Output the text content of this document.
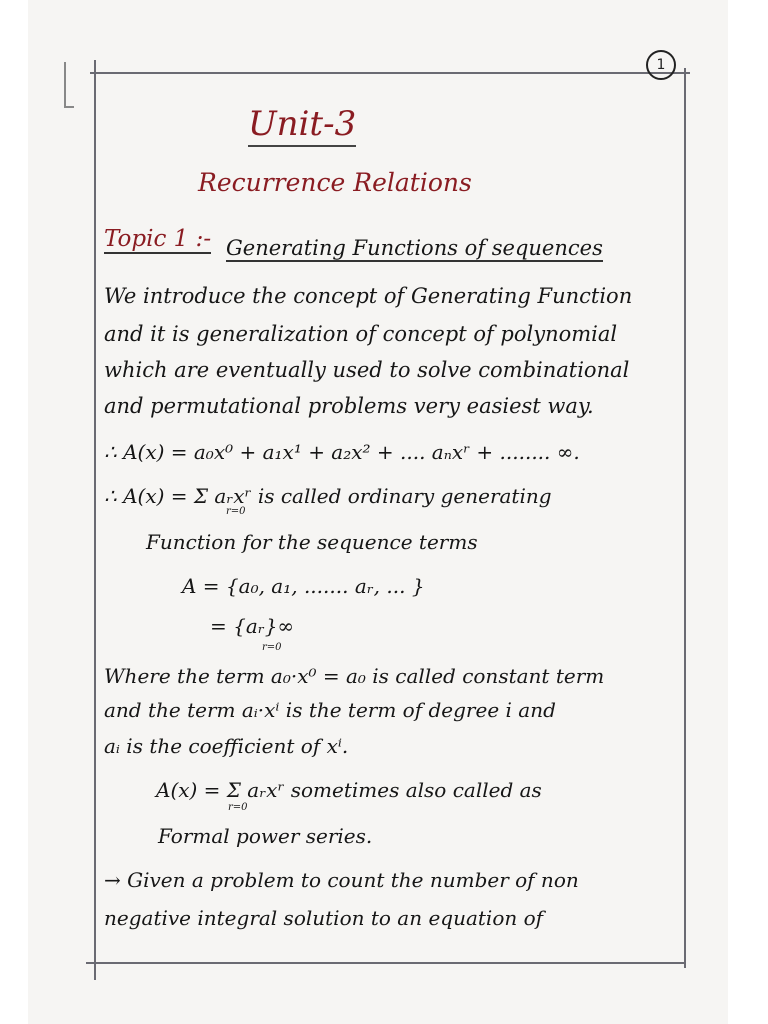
1
Unit-3
Recurrence Relations
Topic 1 :- Generating Functions of sequences
We introduce the concept of Generating Function
and it is generalization of concept of polynomial
which are eventually used to solve combinational
and permutational problems very easiest way.
∴ A(x) = a₀x⁰ + a₁x¹ + a₂x² + .... aₙxʳ + ........ ∞.
∴ A(x) = Σ aᵣxʳ is called ordinary generating
r=0
Function for the sequence terms
A = {a₀, a₁, ....... aᵣ, ... }
= {aᵣ}∞
r=0
Where the term a₀·x⁰ = a₀ is called constant term
and the term aᵢ·xⁱ is the term of degree i and
aᵢ is the coefficient of xⁱ.
A(x) = Σ aᵣxʳ sometimes also called as
r=0
Formal power series.
→ Given a problem to count the number of non
negative integral solution to an equation of
